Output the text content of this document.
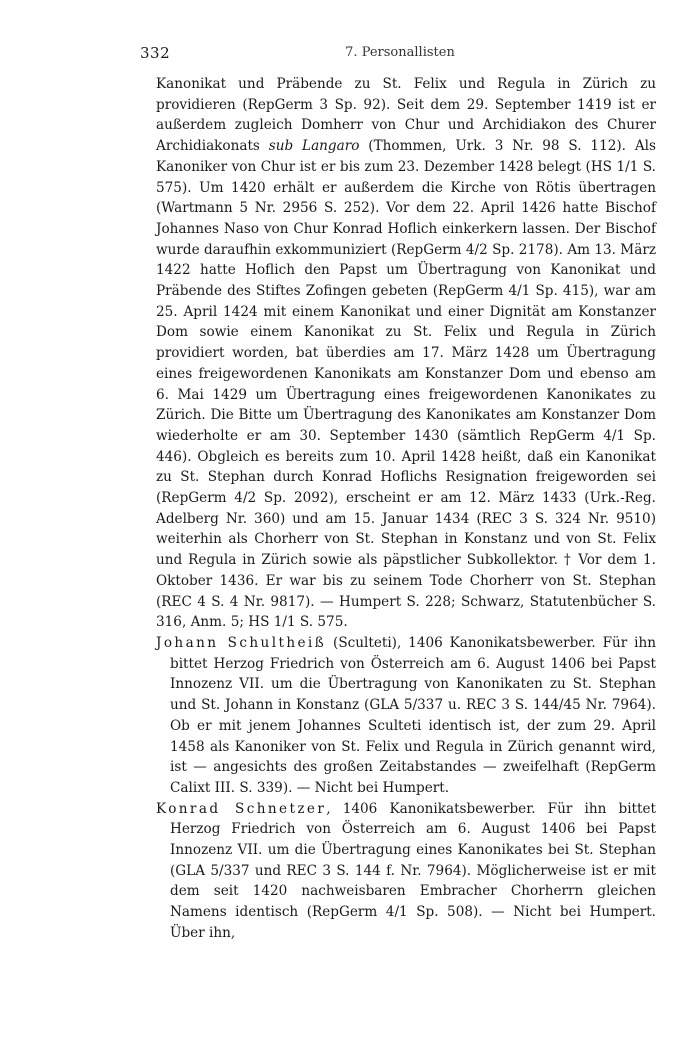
332	7. Personallisten

Kanonikat und Präbende zu St. Felix und Regula in Zürich zu providieren (RepGerm 3 Sp. 92). Seit dem 29. September 1419 ist er außerdem zugleich Domherr von Chur und Archidiakon des Churer Archidiakonats sub Langaro (Thommen, Urk. 3 Nr. 98 S. 112). Als Kanoniker von Chur ist er bis zum 23. Dezember 1428 belegt (HS 1/1 S. 575). Um 1420 erhält er außerdem die Kirche von Rötis übertragen (Wartmann 5 Nr. 2956 S. 252). Vor dem 22. April 1426 hatte Bischof Johannes Naso von Chur Konrad Hoflich einkerkern lassen. Der Bischof wurde daraufhin exkommuniziert (RepGerm 4/2 Sp. 2178). Am 13. März 1422 hatte Hoflich den Papst um Übertragung von Kanonikat und Präbende des Stiftes Zofingen gebeten (RepGerm 4/1 Sp. 415), war am 25. April 1424 mit einem Kanonikat und einer Dignität am Konstanzer Dom sowie einem Kanonikat zu St. Felix und Regula in Zürich providiert worden, bat überdies am 17. März 1428 um Übertragung eines freigewordenen Kanonikats am Konstanzer Dom und ebenso am 6. Mai 1429 um Übertragung eines freigewordenen Kanonikates zu Zürich. Die Bitte um Übertragung des Kanonikates am Konstanzer Dom wiederholte er am 30. September 1430 (sämtlich RepGerm 4/1 Sp. 446). Obgleich es bereits zum 10. April 1428 heißt, daß ein Kanonikat zu St. Stephan durch Konrad Hoflichs Resignation freigeworden sei (RepGerm 4/2 Sp. 2092), erscheint er am 12. März 1433 (Urk.-Reg. Adelberg Nr. 360) und am 15. Januar 1434 (REC 3 S. 324 Nr. 9510) weiterhin als Chorherr von St. Stephan in Konstanz und von St. Felix und Regula in Zürich sowie als päpstlicher Subkollektor. † Vor dem 1. Oktober 1436. Er war bis zu seinem Tode Chorherr von St. Stephan (REC 4 S. 4 Nr. 9817). — Humpert S. 228; Schwarz, Statutenbücher S. 316, Anm. 5; HS 1/1 S. 575.

Johann Schultheiß (Sculteti), 1406 Kanonikatsbewerber. Für ihn bittet Herzog Friedrich von Österreich am 6. August 1406 bei Papst Innozenz VII. um die Übertragung von Kanonikaten zu St. Stephan und St. Johann in Konstanz (GLA 5/337 u. REC 3 S. 144/45 Nr. 7964). Ob er mit jenem Johannes Sculteti identisch ist, der zum 29. April 1458 als Kanoniker von St. Felix und Regula in Zürich genannt wird, ist — angesichts des großen Zeitabstandes — zweifelhaft (RepGerm Calixt III. S. 339). — Nicht bei Humpert.

Konrad Schnetzer, 1406 Kanonikatsbewerber. Für ihn bittet Herzog Friedrich von Österreich am 6. August 1406 bei Papst Innozenz VII. um die Übertragung eines Kanonikates bei St. Stephan (GLA 5/337 und REC 3 S. 144 f. Nr. 7964). Möglicherweise ist er mit dem seit 1420 nachweisbaren Embracher Chorherrn gleichen Namens identisch (RepGerm 4/1 Sp. 508). — Nicht bei Humpert. Über ihn,
